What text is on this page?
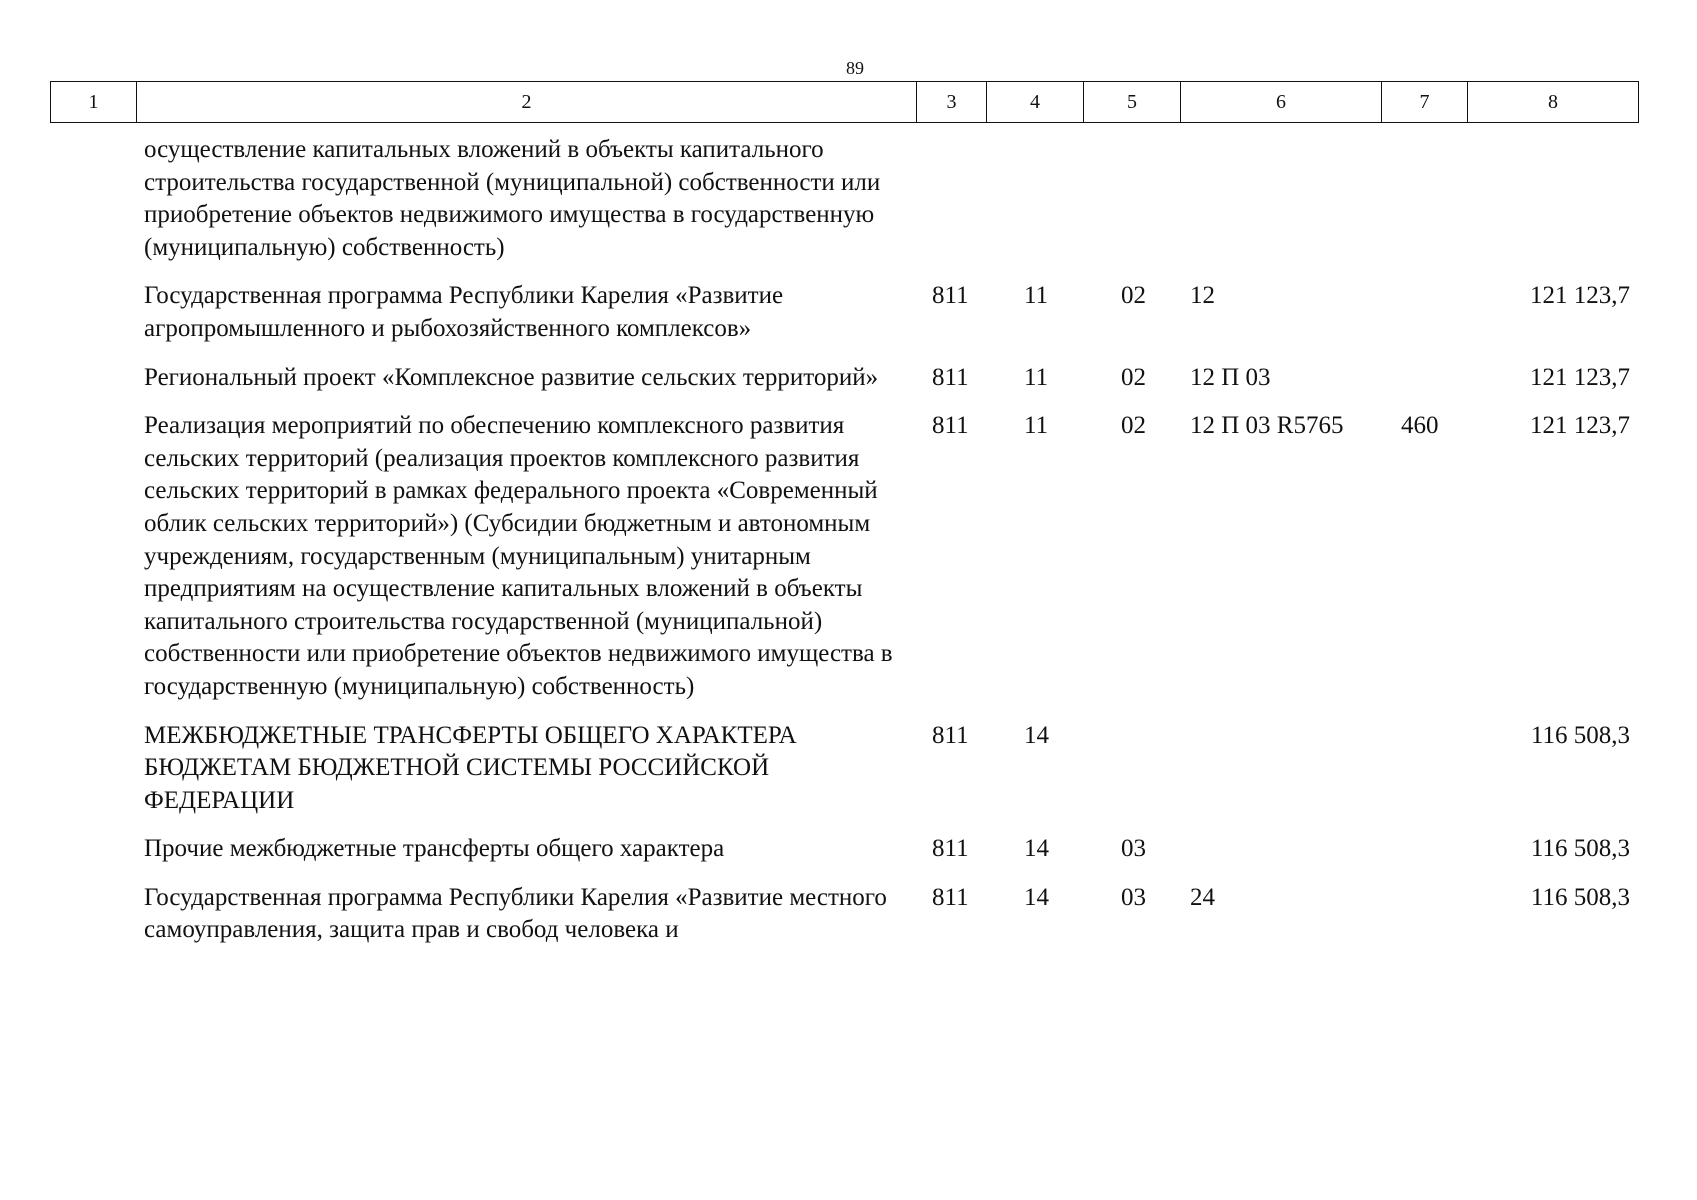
89
1	2	3	4	5	6	7	8
осуществление капитальных вложений в объекты капитального строительства государственной (муниципальной) собственности или приобретение объектов недвижимого имущества в государственную (муниципальную) собственность)						
Государственная программа Республики Карелия «Развитие агропромышленного и рыбохозяйственного комплексов»	811	11	02	12		121 123,7
Региональный проект «Комплексное развитие сельских территорий»	811	11	02	12 П 03		121 123,7
Реализация мероприятий по обеспечению комплексного развития сельских территорий (реализация проектов комплексного развития сельских территорий в рамках федерального проекта «Современный облик сельских территорий») (Субсидии бюджетным и автономным учреждениям, государственным (муниципальным) унитарным предприятиям на осуществление капитальных вложений в объекты капитального строительства государственной (муниципальной) собственности или приобретение объектов недвижимого имущества в государственную (муниципальную) собственность)	811	11	02	12 П 03 R5765	460	121 123,7
МЕЖБЮДЖЕТНЫЕ ТРАНСФЕРТЫ ОБЩЕГО ХАРАКТЕРА БЮДЖЕТАМ БЮДЖЕТНОЙ СИСТЕМЫ РОССИЙСКОЙ ФЕДЕРАЦИИ	811	14				116 508,3
Прочие межбюджетные трансферты общего характера	811	14	03			116 508,3
Государственная программа Республики Карелия «Развитие местного самоуправления, защита прав и свобод человека и	811	14	03	24		116 508,3
